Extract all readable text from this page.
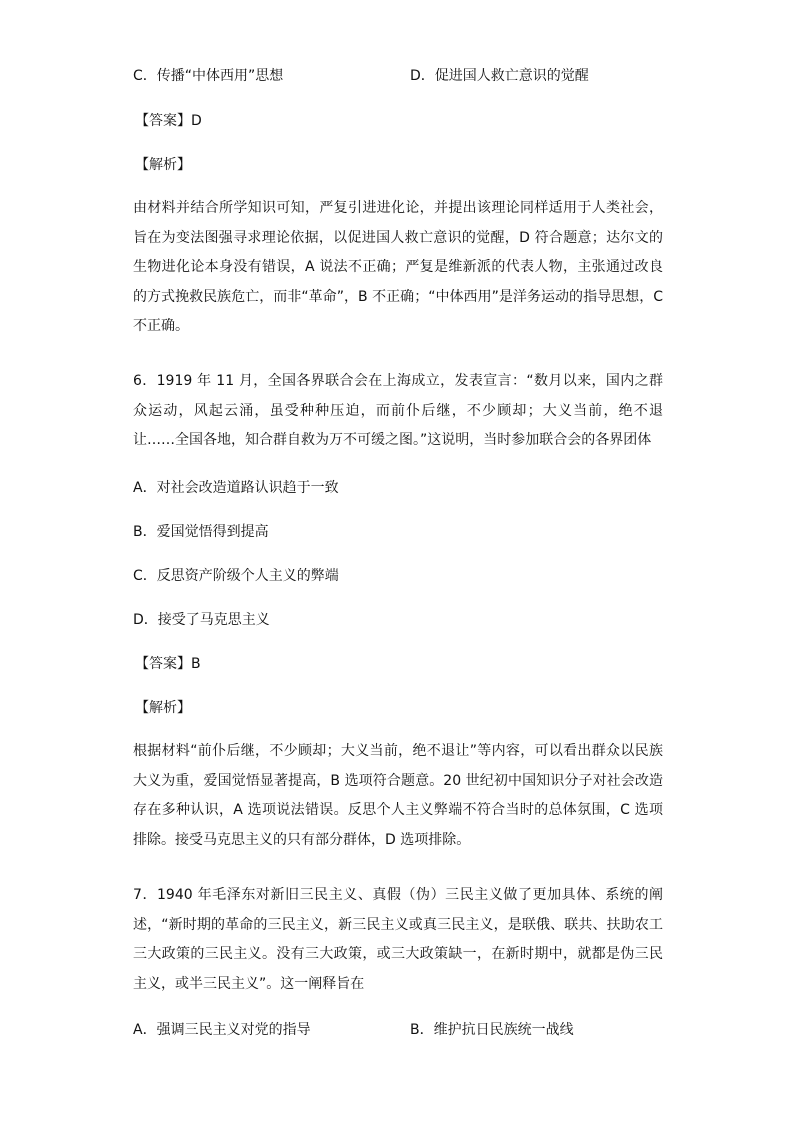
C．传播“中体西用”思想	D．促进国人救亡意识的觉醒
【答案】D
【解析】
由材料并结合所学知识可知，严复引进进化论，并提出该理论同样适用于人类社会，旨在为变法图强寻求理论依据，以促进国人救亡意识的觉醒，D 符合题意；达尔文的生物进化论本身没有错误，A 说法不正确；严复是维新派的代表人物，主张通过改良的方式挽救民族危亡，而非“革命”，B 不正确；“中体西用”是洋务运动的指导思想，C 不正确。
6．1919 年 11 月，全国各界联合会在上海成立，发表宣言：“数月以来，国内之群众运动，风起云涌，虽受种种压迫，而前仆后继，不少顾却；大义当前，绝不退让……全国各地，知合群自救为万不可缓之图。”这说明，当时参加联合会的各界团体
A．对社会改造道路认识趋于一致
B．爱国觉悟得到提高
C．反思资产阶级个人主义的弊端
D．接受了马克思主义
【答案】B
【解析】
根据材料“前仆后继，不少顾却；大义当前，绝不退让”等内容，可以看出群众以民族大义为重，爱国觉悟显著提高，B 选项符合题意。20 世纪初中国知识分子对社会改造存在多种认识，A 选项说法错误。反思个人主义弊端不符合当时的总体氛围，C 选项排除。接受马克思主义的只有部分群体，D 选项排除。
7．1940 年毛泽东对新旧三民主义、真假（伪）三民主义做了更加具体、系统的阐述，“新时期的革命的三民主义，新三民主义或真三民主义，是联俄、联共、扶助农工三大政策的三民主义。没有三大政策，或三大政策缺一，在新时期中，就都是伪三民主义，或半三民主义”。这一阐释旨在
A．强调三民主义对党的指导	B．维护抗日民族统一战线
